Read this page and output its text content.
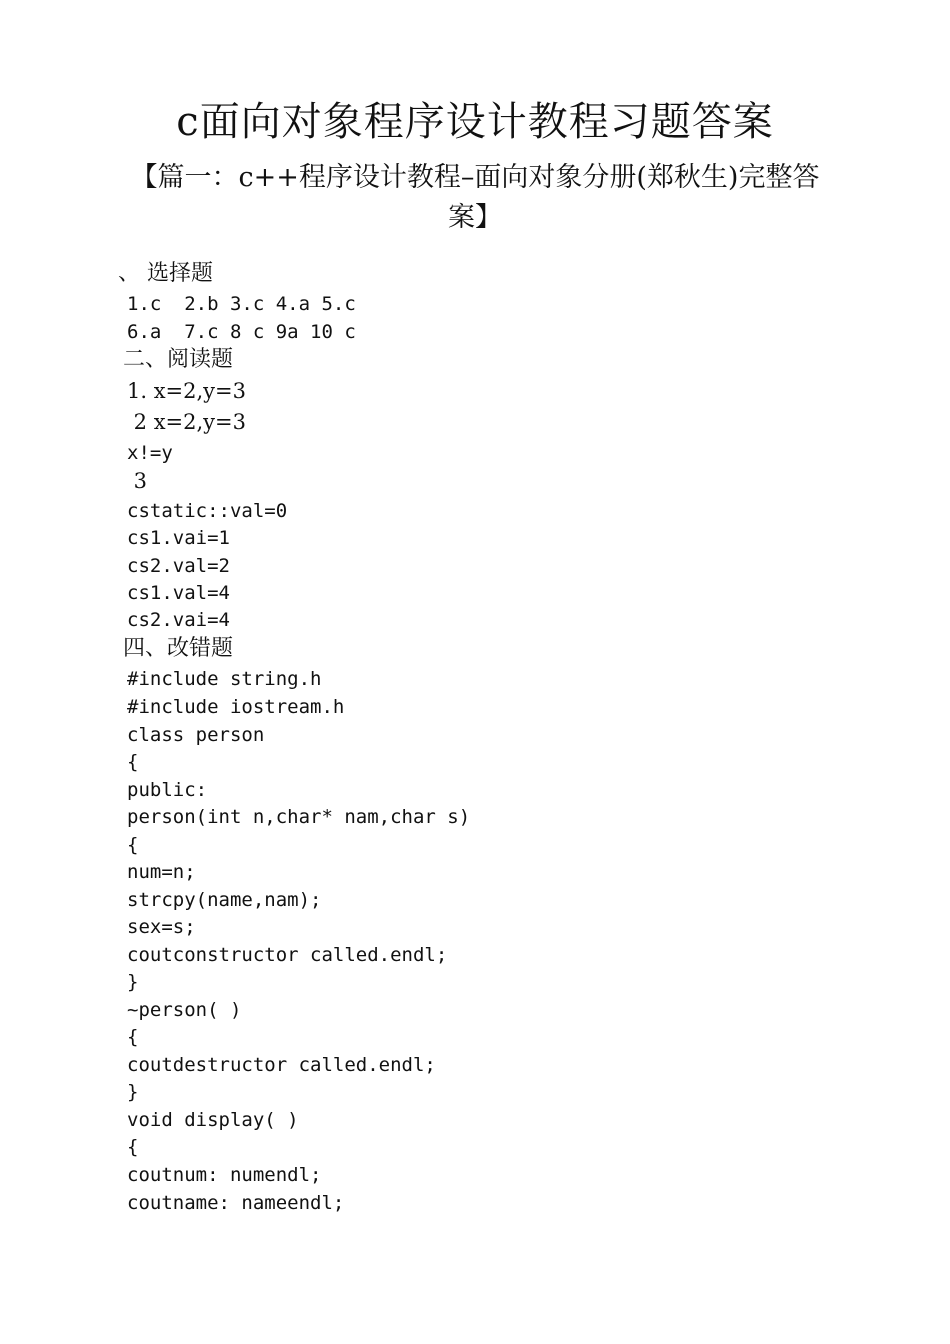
c面向对象程序设计教程习题答案
【篇一：c++程序设计教程–面向对象分册(郑秋生)完整答案】
、 选择题
1.c  2.b 3.c 4.a 5.c
6.a  7.c 8 c 9a 10 c
二、阅读题
1. x=2,y=3
2 x=2,y=3
x!=y
3
cstatic::val=0
cs1.vai=1
cs2.val=2
cs1.val=4
cs2.vai=4
四、改错题
#include string.h
#include iostream.h
class person
{
public:
person(int n,char* nam,char s)
{
num=n;
strcpy(name,nam);
sex=s;
coutconstructor called.endl;
}
~person( )
{
coutdestructor called.endl;
}
void display( )
{
coutnum: numendl;
coutname: nameendl;
